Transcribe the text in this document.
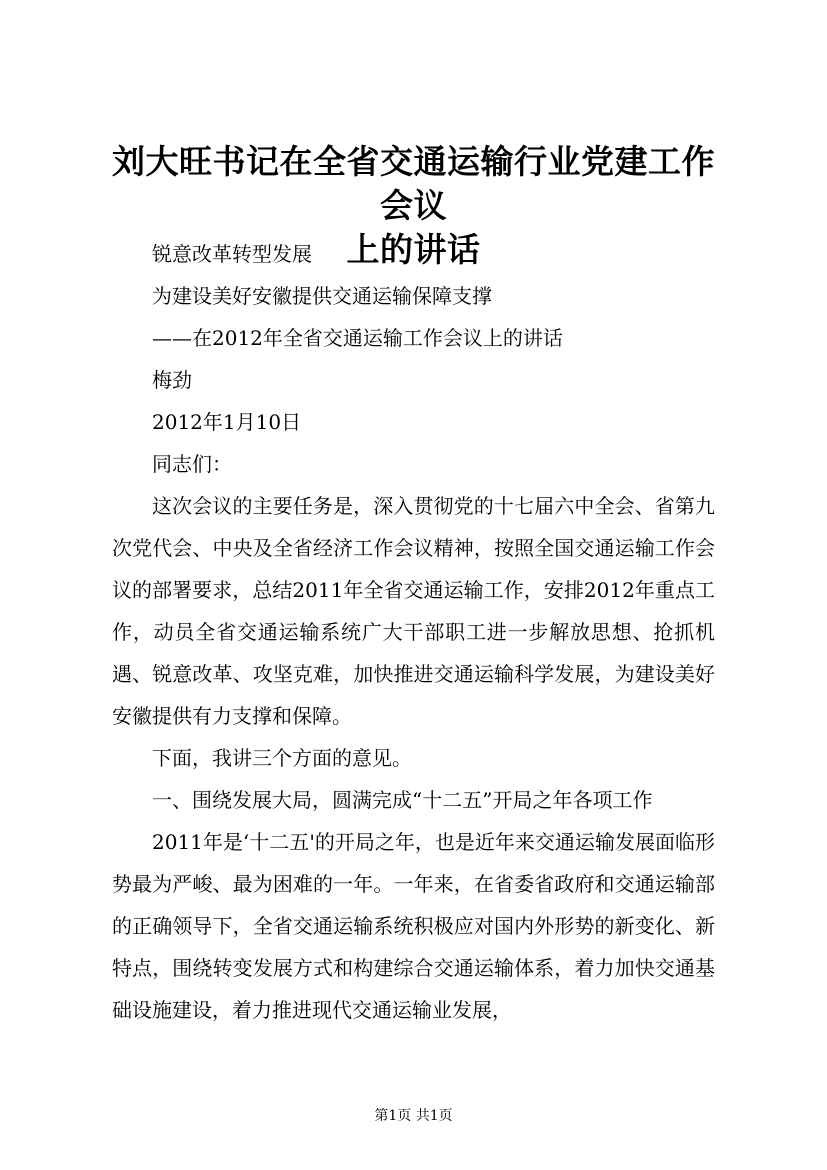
刘大旺书记在全省交通运输行业党建工作会议
上的讲话

锐意改革转型发展

为建设美好安徽提供交通运输保障支撑

——在2012年全省交通运输工作会议上的讲话

梅劲

2012年1月10日

同志们：

这次会议的主要任务是，深入贯彻党的十七届六中全会、省第九次党代会、中央及全省经济工作会议精神，按照全国交通运输工作会议的部署要求，总结2011年全省交通运输工作，安排2012年重点工作，动员全省交通运输系统广大干部职工进一步解放思想、抢抓机遇、锐意改革、攻坚克难，加快推进交通运输科学发展，为建设美好安徽提供有力支撑和保障。

下面，我讲三个方面的意见。

一、围绕发展大局，圆满完成“十二五”开局之年各项工作

2011年是‘十二五'的开局之年，也是近年来交通运输发展面临形势最为严峻、最为困难的一年。一年来，在省委省政府和交通运输部的正确领导下，全省交通运输系统积极应对国内外形势的新变化、新特点，围绕转变发展方式和构建综合交通运输体系，着力加快交通基础设施建设，着力推进现代交通运输业发展，

第1页 共1页
